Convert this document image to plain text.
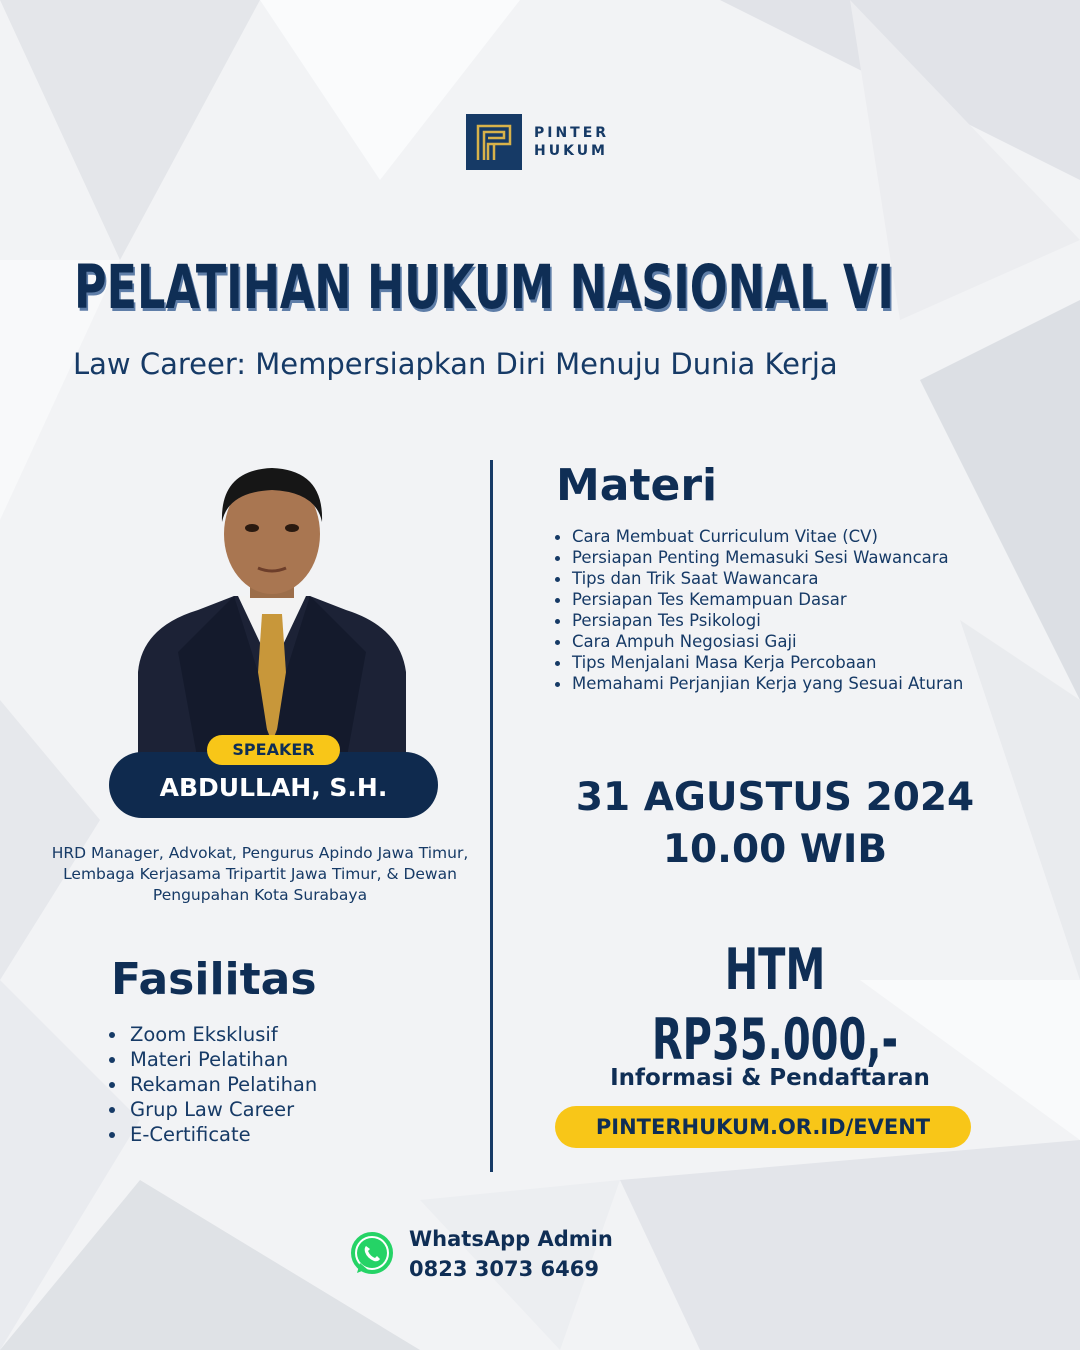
PINTER
HUKUM
PELATIHAN HUKUM NASIONAL VI
Law Career: Mempersiapkan Diri Menuju Dunia Kerja
SPEAKER
ABDULLAH, S.H.
HRD Manager, Advokat, Pengurus Apindo Jawa Timur, Lembaga Kerjasama Tripartit Jawa Timur, & Dewan Pengupahan Kota Surabaya
Fasilitas
Zoom Eksklusif
Materi Pelatihan
Rekaman Pelatihan
Grup Law Career
E-Certificate
Materi
Cara Membuat Curriculum Vitae (CV)
Persiapan Penting Memasuki Sesi Wawancara
Tips dan Trik Saat Wawancara
Persiapan Tes Kemampuan Dasar
Persiapan Tes Psikologi
Cara Ampuh Negosiasi Gaji
Tips Menjalani Masa Kerja Percobaan
Memahami Perjanjian Kerja yang Sesuai Aturan
31 AGUSTUS 2024
10.00 WIB
HTM RP35.000,-
Informasi & Pendaftaran
PINTERHUKUM.OR.ID/EVENT
WhatsApp Admin
0823 3073 6469
